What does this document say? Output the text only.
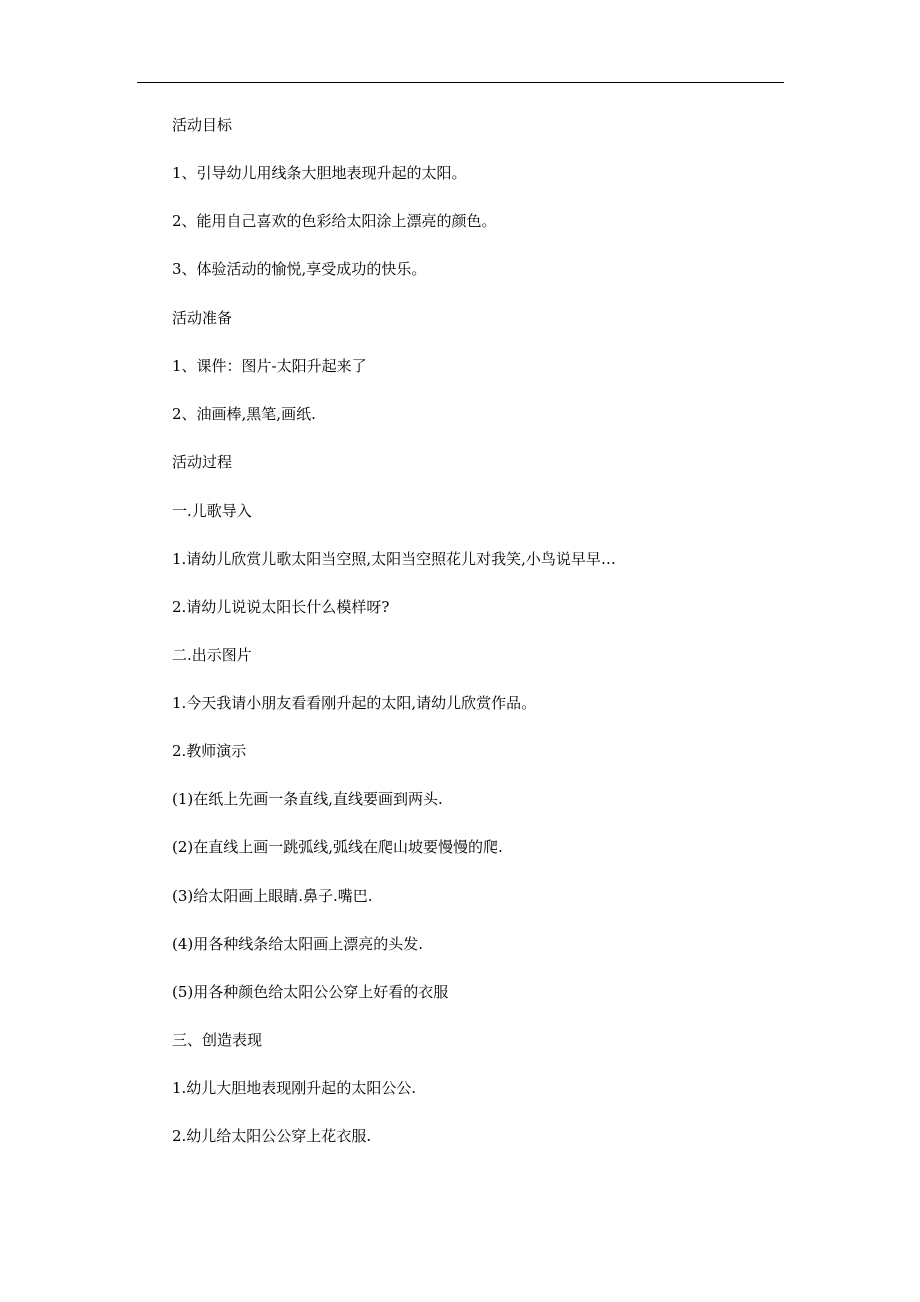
活动目标
1、引导幼儿用线条大胆地表现升起的太阳。
2、能用自己喜欢的色彩给太阳涂上漂亮的颜色。
3、体验活动的愉悦,享受成功的快乐。
活动准备
1、课件：图片-太阳升起来了
2、油画棒,黑笔,画纸.
活动过程
一.儿歌导入
1.请幼儿欣赏儿歌太阳当空照,太阳当空照花儿对我笑,小鸟说早早…
2.请幼儿说说太阳长什么模样呀?
二.出示图片
1.今天我请小朋友看看刚升起的太阳,请幼儿欣赏作品。
2.教师演示
(1)在纸上先画一条直线,直线要画到两头.
(2)在直线上画一跳弧线,弧线在爬山坡要慢慢的爬.
(3)给太阳画上眼睛.鼻子.嘴巴.
(4)用各种线条给太阳画上漂亮的头发.
(5)用各种颜色给太阳公公穿上好看的衣服
三、创造表现
1.幼儿大胆地表现刚升起的太阳公公.
2.幼儿给太阳公公穿上花衣服.
